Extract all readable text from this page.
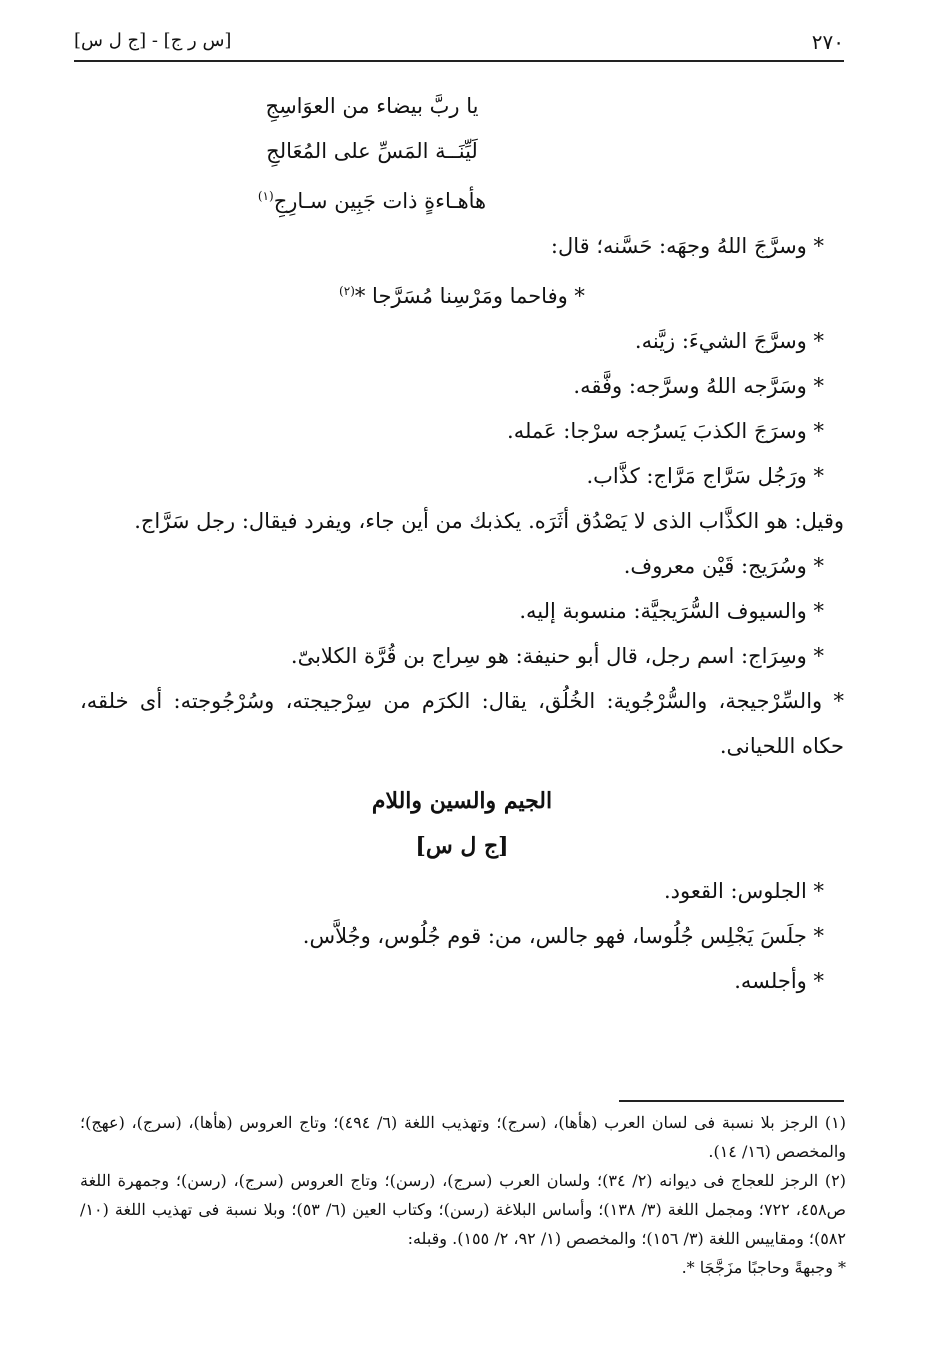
٢٧٠
[س ر ج] - [ج ل س]
يا ربَّ بيضاء من العوَاسِجِ
لَيِّنَــة المَسِّ على المُعَالجِ
هأهـاءةٍ ذات جَبِين سـارِجِ$^{(١)}$
* وسرَّجَ اللهُ وجهَه: حَسَّنه؛ قال:
* وفاحما ومَرْسِنا مُسَرَّجا *$^{(٢)}$
* وسرَّجَ الشيءَ: زيَّنه.
* وسَرَّجه اللهُ وسرَّجه: وفَّقه.
* وسرَجَ الكذبَ يَسرُجه سرْجا: عَمله.
* ورَجُل سَرَّاج مَرَّاج: كذَّاب.
وقيل: هو الكذَّاب الذى لا يَصْدُق أثَرَه. يكذبك من أين جاء، ويفرد فيقال: رجل سَرَّاج.
* وسُرَيج: قَيْن معروف.
* والسيوف السُّرَيجيَّة: منسوبة إليه.
* وسِرَاج: اسم رجل، قال أبو حنيفة: هو سِراج بن قُرَّة الكلابىّ.
* والسِّرْجيجة، والسُّرْجُوية: الخُلُق، يقال: الكرَم من سِرْجيجته، وسُرْجُوجته: أى خلقه، حكاه اللحيانى.
الجيم والسين واللام
[ج ل س]
* الجلوس: القعود.
* جلَسَ يَجْلِس جُلُوسا، فهو جالس، من: قوم جُلُوس، وجُلاَّس.
* وأجلسه.
(١) الرجز بلا نسبة فى لسان العرب (هأها)، (سرج)؛ وتهذيب اللغة (٦/ ٤٩٤)؛ وتاج العروس (هأها)، (سرج)، (عهج)؛ والمخصص (١٦/ ١٤).
(٢) الرجز للعجاج فى ديوانه (٢/ ٣٤)؛ ولسان العرب (سرج)، (رسن)؛ وتاج العروس (سرج)، (رسن)؛ وجمهرة اللغة ص٤٥٨، ٧٢٢؛ ومجمل اللغة (٣/ ١٣٨)؛ وأساس البلاغة (رسن)؛ وكتاب العين (٦/ ٥٣)؛ وبلا نسبة فى تهذيب اللغة (١٠/ ٥٨٢)؛ ومقاييس اللغة (٣/ ١٥٦)؛ والمخصص (١/ ٩٢، ٢/ ١٥٥). وقبله:
* وجبهةً وحاجبًا مزَجَّجَا *.
